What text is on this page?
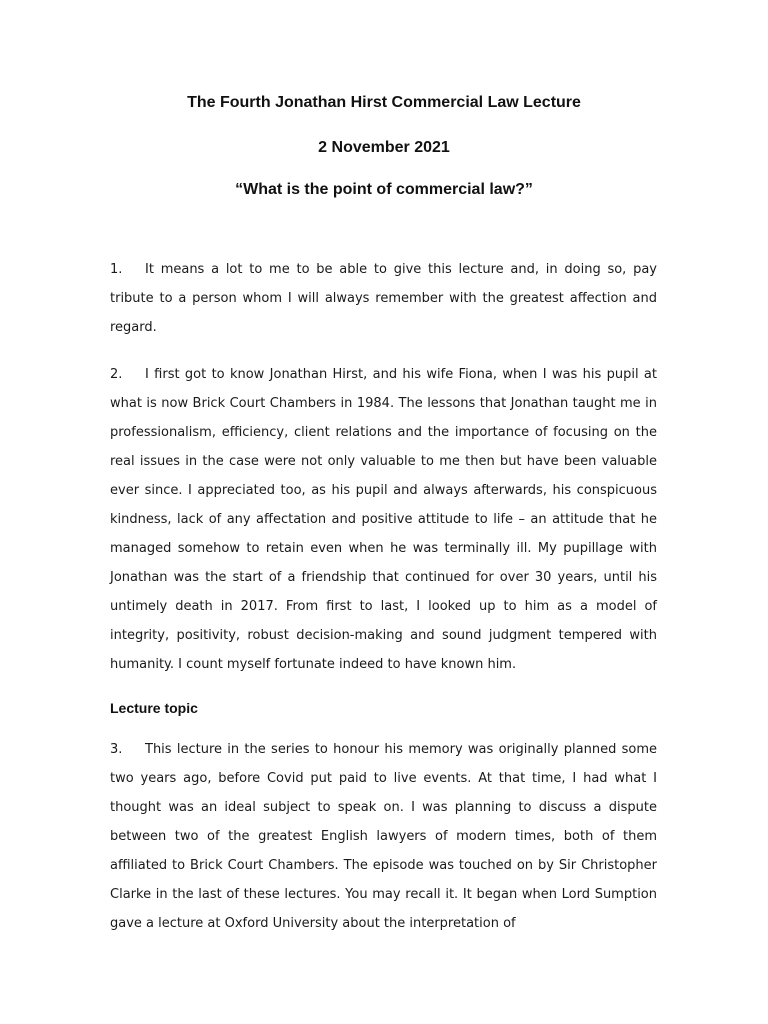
The Fourth Jonathan Hirst Commercial Law Lecture
2 November 2021
“What is the point of commercial law?”

1. It means a lot to me to be able to give this lecture and, in doing so, pay tribute to a person whom I will always remember with the greatest affection and regard.

2. I first got to know Jonathan Hirst, and his wife Fiona, when I was his pupil at what is now Brick Court Chambers in 1984. The lessons that Jonathan taught me in professionalism, efficiency, client relations and the importance of focusing on the real issues in the case were not only valuable to me then but have been valuable ever since. I appreciated too, as his pupil and always afterwards, his conspicuous kindness, lack of any affectation and positive attitude to life – an attitude that he managed somehow to retain even when he was terminally ill. My pupillage with Jonathan was the start of a friendship that continued for over 30 years, until his untimely death in 2017. From first to last, I looked up to him as a model of integrity, positivity, robust decision-making and sound judgment tempered with humanity. I count myself fortunate indeed to have known him.

Lecture topic

3. This lecture in the series to honour his memory was originally planned some two years ago, before Covid put paid to live events. At that time, I had what I thought was an ideal subject to speak on. I was planning to discuss a dispute between two of the greatest English lawyers of modern times, both of them affiliated to Brick Court Chambers. The episode was touched on by Sir Christopher Clarke in the last of these lectures. You may recall it. It began when Lord Sumption gave a lecture at Oxford University about the interpretation of
